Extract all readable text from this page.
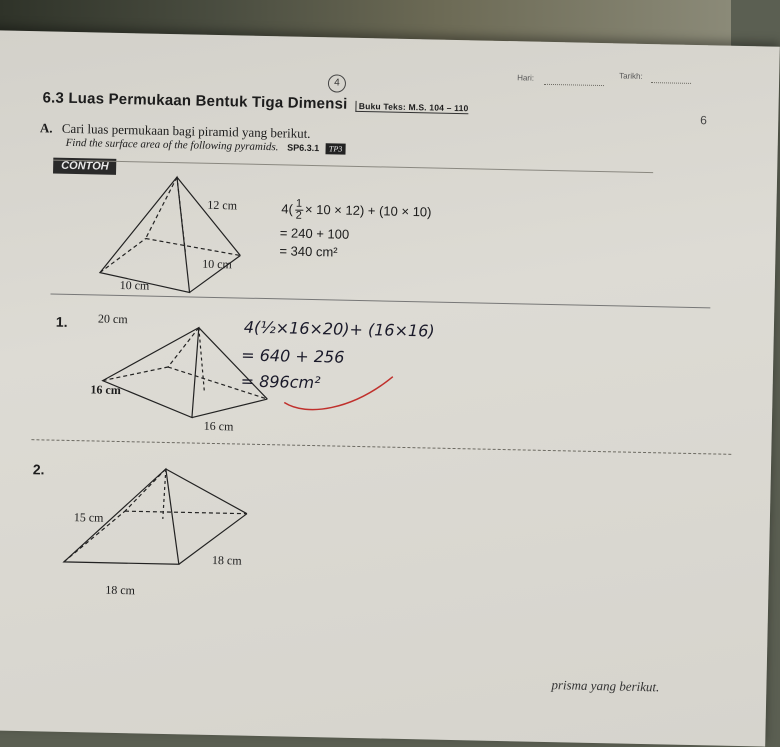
4	Hari:	Tarikh:
6
6.3 Luas Permukaan Bentuk Tiga Dimensi Buku Teks: M.S. 104 – 110
A. Cari luas permukaan bagi piramid yang berikut.
Find the surface area of the following pyramids. SP6.3.1 TP3
CONTOH
12 cm
10 cm
10 cm
$4( \frac{1}{2} \times 10 \times 12) + (10 \times 10)$
= 240 + 100
= 340 cm²
1.	20 cm
16 cm
16 cm
4(½×16×20)+ (16×16)
= 640 + 256
= 896cm²
2.
15 cm
18 cm
18 cm
prisma yang berikut.
